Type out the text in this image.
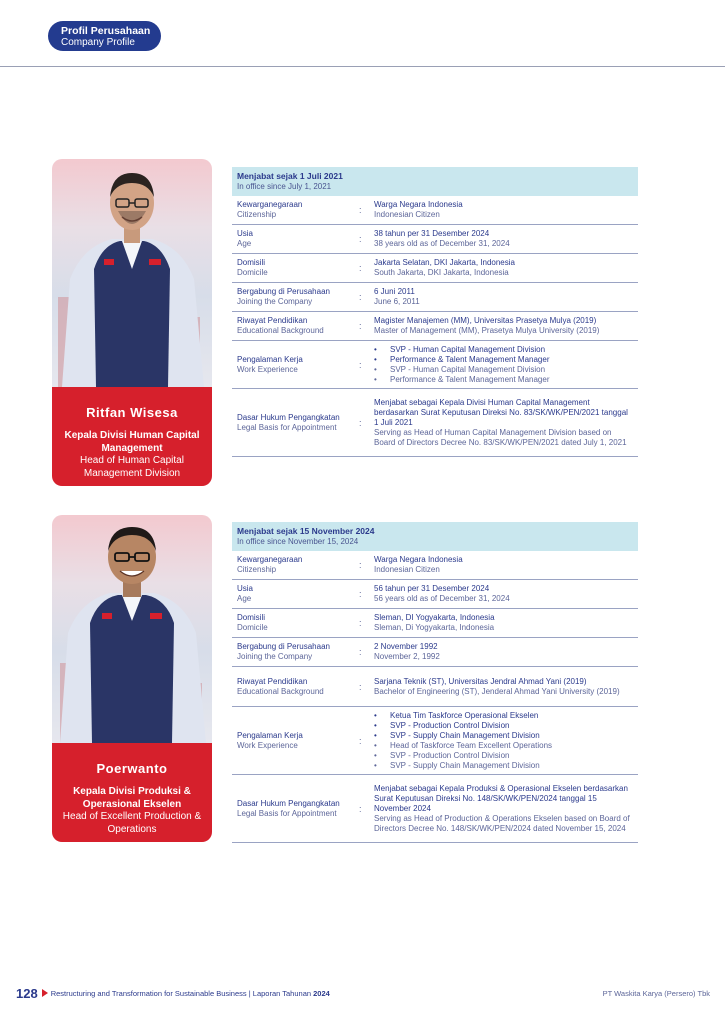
Profil Perusahaan
Company Profile
Ritfan Wisesa
Kepala Divisi Human Capital Management
Head of Human Capital Management Division
Menjabat sejak 1 Juli 2021
In office since July 1, 2021
Kewarganegaraan
Citizenship	:
Warga Negara Indonesia
Indonesian Citizen
Usia
Age	:
38 tahun per 31 Desember 2024
38 years old as of December 31, 2024
Domisili
Domicile	:
Jakarta Selatan, DKI Jakarta, Indonesia
South Jakarta, DKI Jakarta, Indonesia
Bergabung di Perusahaan
Joining the Company	:
6 Juni 2011
June 6, 2011
Riwayat Pendidikan
Educational Background	:
Magister Manajemen (MM), Universitas Prasetya Mulya (2019)
Master of Management (MM), Prasetya Mulya University (2019)
Pengalaman Kerja
Work Experience	:
• SVP - Human Capital Management Division
• Performance & Talent Management Manager
• SVP - Human Capital Management Division
• Performance & Talent Management Manager
Dasar Hukum Pengangkatan
Legal Basis for Appointment	:
Menjabat sebagai Kepala Divisi Human Capital Management berdasarkan Surat Keputusan Direksi No. 83/SK/WK/PEN/2021 tanggal 1 Juli 2021
Serving as Head of Human Capital Management Division based on Board of Directors Decree No. 83/SK/WK/PEN/2021 dated July 1, 2021
Poerwanto
Kepala Divisi Produksi & Operasional Ekselen
Head of Excellent Production & Operations
Menjabat sejak 15 November 2024
In office since November 15, 2024
Kewarganegaraan
Citizenship	:
Warga Negara Indonesia
Indonesian Citizen
Usia
Age	:
56 tahun per 31 Desember 2024
56 years old as of December 31, 2024
Domisili
Domicile	:
Sleman, DI Yogyakarta, Indonesia
Sleman, Di Yogyakarta, Indonesia
Bergabung di Perusahaan
Joining the Company	:
2 November 1992
November 2, 1992
Riwayat Pendidikan
Educational Background	:
Sarjana Teknik (ST), Universitas Jendral Ahmad Yani (2019)
Bachelor of Engineering (ST), Jenderal Ahmad Yani University (2019)
Pengalaman Kerja
Work Experience	:
• Ketua Tim Taskforce Operasional Ekselen
• SVP - Production Control Division
• SVP - Supply Chain Management Division
• Head of Taskforce Team Excellent Operations
• SVP - Production Control Division
• SVP - Supply Chain Management Division
Dasar Hukum Pengangkatan
Legal Basis for Appointment	:
Menjabat sebagai Kepala Produksi & Operasional Ekselen berdasarkan Surat Keputusan Direksi No. 148/SK/WK/PEN/2024 tanggal 15 November 2024
Serving as Head of Production & Operations Ekselen based on Board of Directors Decree No. 148/SK/WK/PEN/2024 dated November 15, 2024
128 Restructuring and Transformation for Sustainable Business | Laporan Tahunan 2024	PT Waskita Karya (Persero) Tbk
